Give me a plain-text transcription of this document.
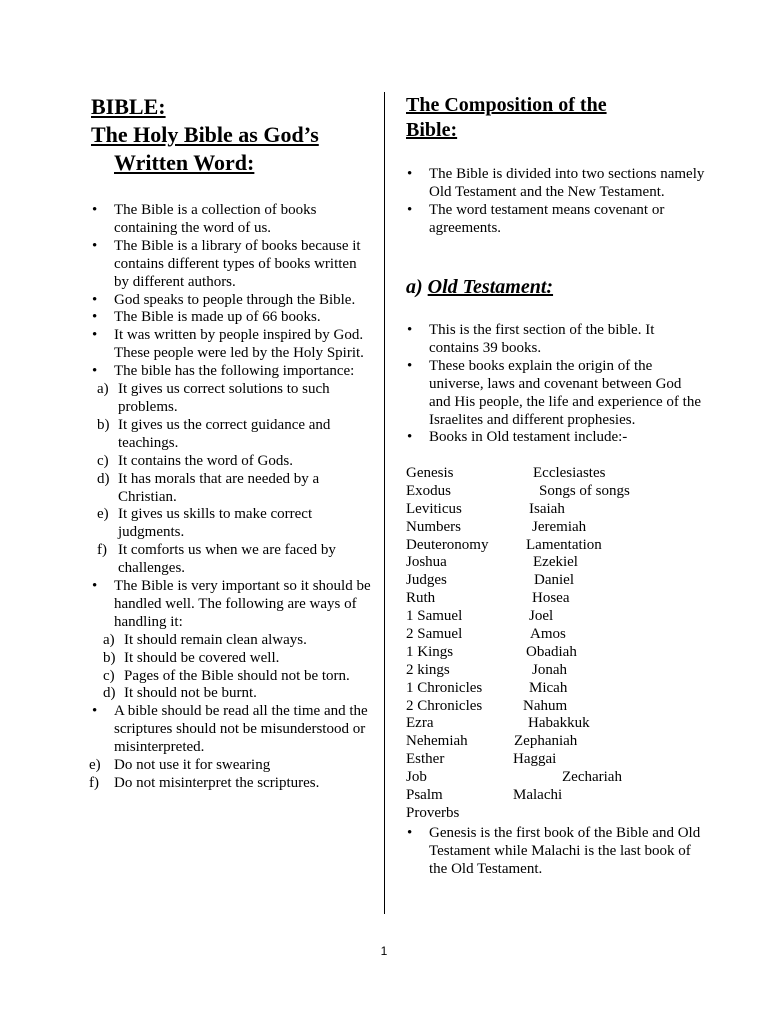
BIBLE:
The Holy Bible as God’s
Written Word:
• The Bible is a collection of books containing the word of us.
• The Bible is a library of books because it contains different types of books written by different authors.
• God speaks to people through the Bible.
• The Bible is made up of 66 books.
• It was written by people inspired by God. These people were led by the Holy Spirit.
• The bible has the following importance:
a) It gives us correct solutions to such problems.
b) It gives us the correct guidance and teachings.
c) It contains the word of Gods.
d) It has morals that are needed by a Christian.
e) It gives us skills to make correct judgments.
f) It comforts us when we are faced by challenges.
• The Bible is very important so it should be handled well. The following are ways of handling it:
a) It should remain clean always.
b) It should be covered well.
c) Pages of the Bible should not be torn.
d) It should not be burnt.
• A bible should be read all the time and the scriptures should not be misunderstood or misinterpreted.
e) Do not use it for swearing
f) Do not misinterpret the scriptures.
The Composition of the
Bible:
• The Bible is divided into two sections namely Old Testament and the New Testament.
• The word testament means covenant or agreements.
a) Old Testament:
• This is the first section of the bible. It contains 39 books.
• These books explain the origin of the universe, laws and covenant between God and His people, the life and experience of the Israelites and different prophesies.
• Books in Old testament include:-
Genesis	Ecclesiastes
Exodus	Songs of songs
Leviticus	Isaiah
Numbers	Jeremiah
Deuteronomy	Lamentation
Joshua	Ezekiel
Judges	Daniel
Ruth	Hosea
1 Samuel	Joel
2 Samuel	Amos
1 Kings	Obadiah
2 kings	Jonah
1 Chronicles	Micah
2 Chronicles	Nahum
Ezra	Habakkuk
Nehemiah	Zephaniah
Esther	Haggai
Job	Zechariah
Psalm	Malachi
Proverbs
• Genesis is the first book of the Bible and Old Testament while Malachi is the last book of the Old Testament.
1
